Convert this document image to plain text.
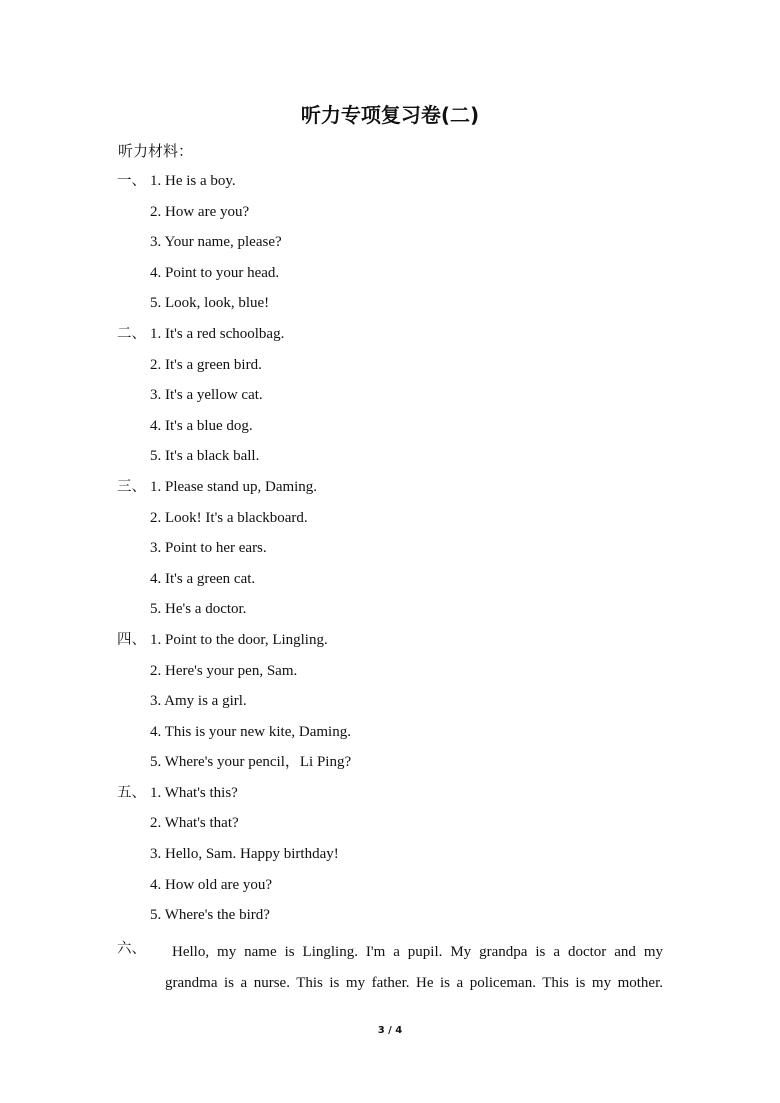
听力专项复习卷(二)
听力材料：
一、 1. He is a boy.
2. How are you?
3. Your name, please?
4. Point to your head.
5. Look, look, blue!
二、 1. It's a red schoolbag.
2. It's a green bird.
3. It's a yellow cat.
4. It's a blue dog.
5. It's a black ball.
三、 1. Please stand up, Daming.
2. Look! It's a blackboard.
3. Point to her ears.
4. It's a green cat.
5. He's a doctor.
四、 1. Point to the door, Lingling.
2. Here's your pen, Sam.
3. Amy is a girl.
4. This is your new kite, Daming.
5. Where's your pencil，Li Ping?
五、 1. What's this?
2. What's that?
3. Hello, Sam. Happy birthday!
4. How old are you?
5. Where's the bird?
六、	Hello, my name is Lingling. I'm a pupil. My grandpa is a doctor and my
grandma is a nurse. This is my father. He is a policeman. This is my mother.
3 / 4
